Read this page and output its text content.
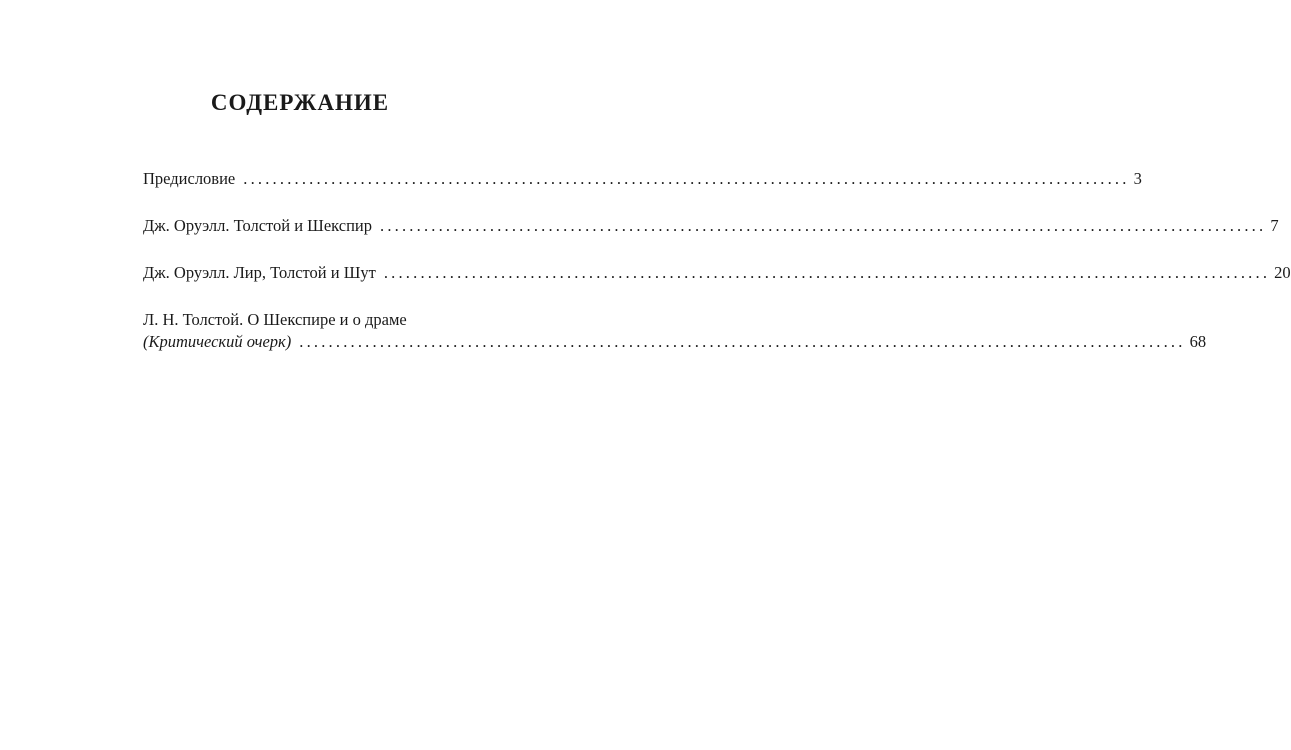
СОДЕРЖАНИЕ
Предисловие ......................................................................................................................... 3
Дж. Оруэлл. Толстой и Шекспир ......................................................................................................................... 7
Дж. Оруэлл. Лир, Толстой и Шут ......................................................................................................................... 20
Л. Н. Толстой. О Шекспире и о драме
(Критический очерк) ......................................................................................................................... 68
